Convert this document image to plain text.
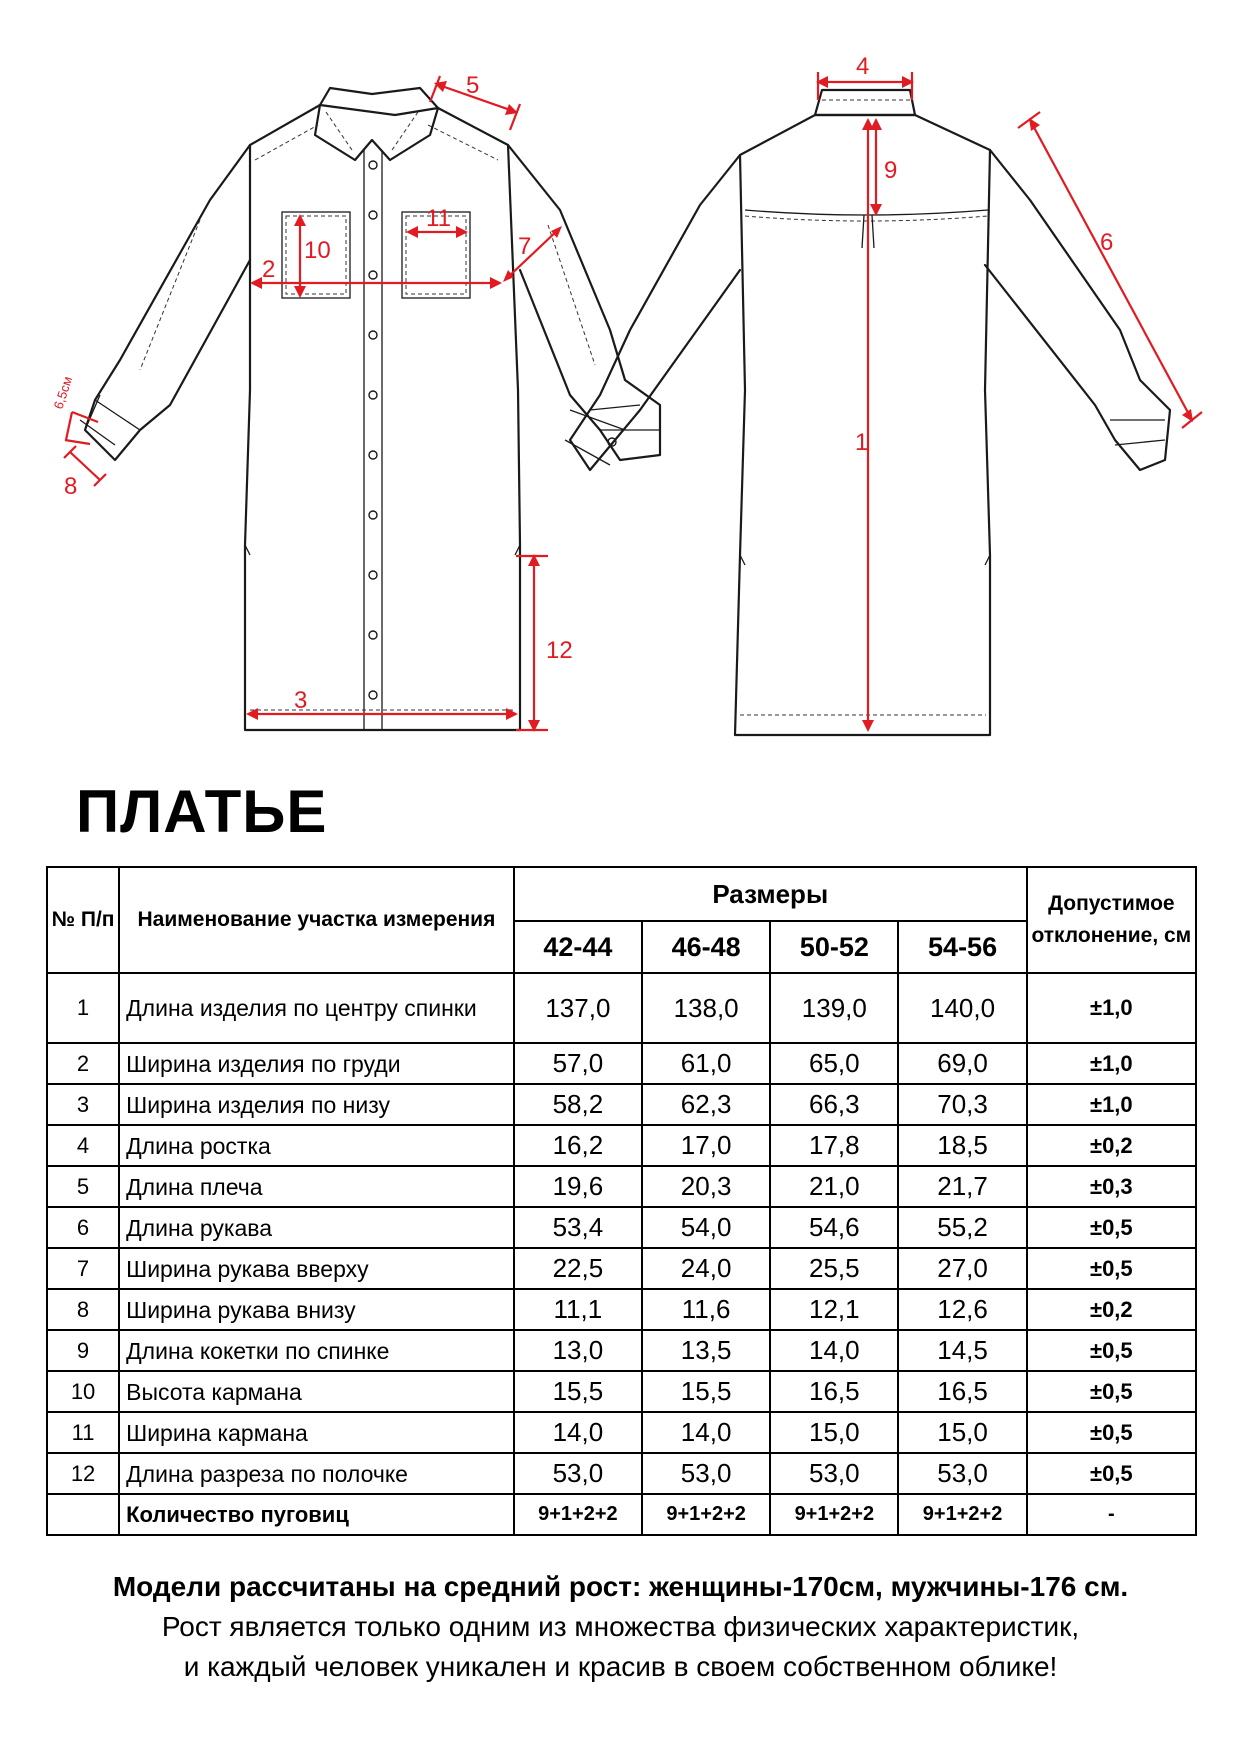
1
2
3
4
5
6
7
8
6,5см
9
10
11
12
ПЛАТЬЕ
№ П/п	Наименование участка измерения	Размеры				Допустимое отклонение, см
		42-44	46-48	50-52	54-56	
1	Длина изделия по центру спинки	137,0	138,0	139,0	140,0	±1,0
2	Ширина изделия по груди	57,0	61,0	65,0	69,0	±1,0
3	Ширина изделия по низу	58,2	62,3	66,3	70,3	±1,0
4	Длина ростка	16,2	17,0	17,8	18,5	±0,2
5	Длина плеча	19,6	20,3	21,0	21,7	±0,3
6	Длина рукава	53,4	54,0	54,6	55,2	±0,5
7	Ширина рукава вверху	22,5	24,0	25,5	27,0	±0,5
8	Ширина рукава внизу	11,1	11,6	12,1	12,6	±0,2
9	Длина кокетки по спинке	13,0	13,5	14,0	14,5	±0,5
10	Высота кармана	15,5	15,5	16,5	16,5	±0,5
11	Ширина кармана	14,0	14,0	15,0	15,0	±0,5
12	Длина разреза по полочке	53,0	53,0	53,0	53,0	±0,5
	Количество пуговиц	9+1+2+2	9+1+2+2	9+1+2+2	9+1+2+2	-
Модели рассчитаны на средний рост: женщины-170см, мужчины-176 см.
Рост является только одним из множества физических характеристик,
и каждый человек уникален и красив в своем собственном облике!
